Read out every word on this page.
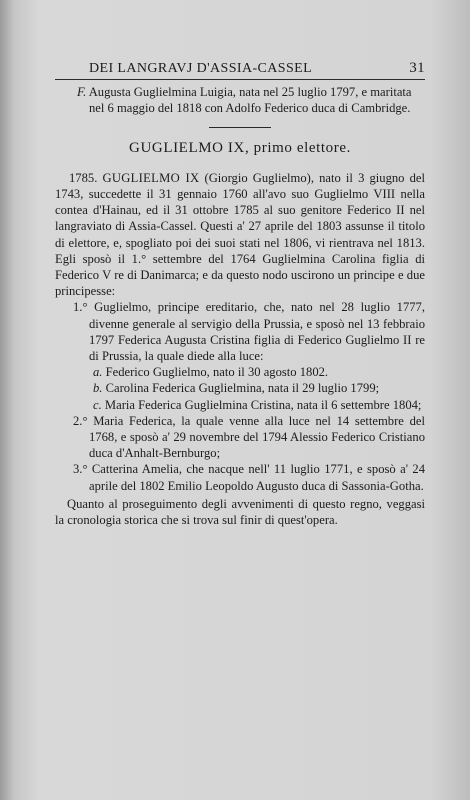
DEI LANGRAVJ D'ASSIA-CASSEL	31

F. Augusta Guglielmina Luigia, nata nel 25 luglio 1797, e maritata nel 6 maggio del 1818 con Adolfo Federico duca di Cambridge.

GUGLIELMO IX, primo elettore.

1785. GUGLIELMO IX (Giorgio Guglielmo), nato il 3 giugno del 1743, succedette il 31 gennaio 1760 all'avo suo Guglielmo VIII nella contea d'Hainau, ed il 31 ottobre 1785 al suo genitore Federico II nel langraviato di Assia-Cassel. Questi a' 27 aprile del 1803 assunse il titolo di elettore, e, spogliato poi dei suoi stati nel 1806, vi rientrava nel 1813. Egli sposò il 1.° settembre del 1764 Guglielmina Carolina figlia di Federico V re di Danimarca; e da questo nodo uscirono un principe e due principesse:

1.° Guglielmo, principe ereditario, che, nato nel 28 luglio 1777, divenne generale al servigio della Prussia, e sposò nel 13 febbraio 1797 Federica Augusta Cristina figlia di Federico Guglielmo II re di Prussia, la quale diede alla luce:

a. Federico Guglielmo, nato il 30 agosto 1802.

b. Carolina Federica Guglielmina, nata il 29 luglio 1799;

c. Maria Federica Guglielmina Cristina, nata il 6 settembre 1804;

2.° Maria Federica, la quale venne alla luce nel 14 settembre del 1768, e sposò a' 29 novembre del 1794 Alessio Federico Cristiano duca d'Anhalt-Bernburgo;

3.° Catterina Amelia, che nacque nell' 11 luglio 1771, e sposò a' 24 aprile del 1802 Emilio Leopoldo Augusto duca di Sassonia-Gotha.

Quanto al proseguimento degli avvenimenti di questo regno, veggasi la cronologia storica che si trova sul finir di quest'opera.
